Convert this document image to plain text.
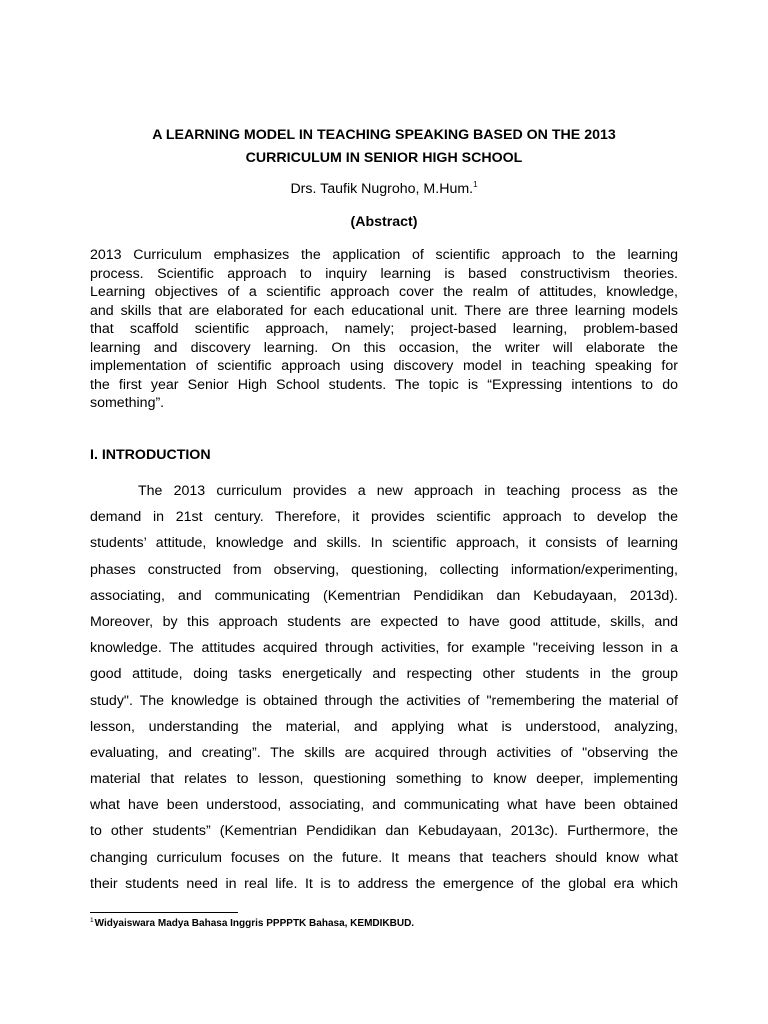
A LEARNING MODEL IN TEACHING SPEAKING BASED ON THE 2013
CURRICULUM IN SENIOR HIGH SCHOOL
Drs. Taufik Nugroho, M.Hum.$^1$
(Abstract)
2013 Curriculum emphasizes the application of scientific approach to the learning
process. Scientific approach to inquiry learning is based constructivism theories.
Learning objectives of a scientific approach cover the realm of attitudes, knowledge,
and skills that are elaborated for each educational unit. There are three learning models
that scaffold scientific approach, namely; project-based learning, problem-based
learning and discovery learning. On this occasion, the writer will elaborate the
implementation of scientific approach using discovery model in teaching speaking for
the first year Senior High School students. The topic is “Expressing intentions to do
something”.
I. INTRODUCTION
The 2013 curriculum provides a new approach in teaching process as the
demand in 21st century. Therefore, it provides scientific approach to develop the
students’ attitude, knowledge and skills. In scientific approach, it consists of learning
phases constructed from observing, questioning, collecting information/experimenting,
associating, and communicating (Kementrian Pendidikan dan Kebudayaan, 2013d).
Moreover, by this approach students are expected to have good attitude, skills, and
knowledge. The attitudes acquired through activities, for example "receiving lesson in a
good attitude, doing tasks energetically and respecting other students in the group
study". The knowledge is obtained through the activities of "remembering the material of
lesson, understanding the material, and applying what is understood, analyzing,
evaluating, and creating”. The skills are acquired through activities of "observing the
material that relates to lesson, questioning something to know deeper, implementing
what have been understood, associating, and communicating what have been obtained
to other students” (Kementrian Pendidikan dan Kebudayaan, 2013c). Furthermore, the
changing curriculum focuses on the future. It means that teachers should know what
their students need in real life. It is to address the emergence of the global era which
$^1$Widyaiswara Madya Bahasa Inggris PPPPTK Bahasa, KEMDIKBUD.
